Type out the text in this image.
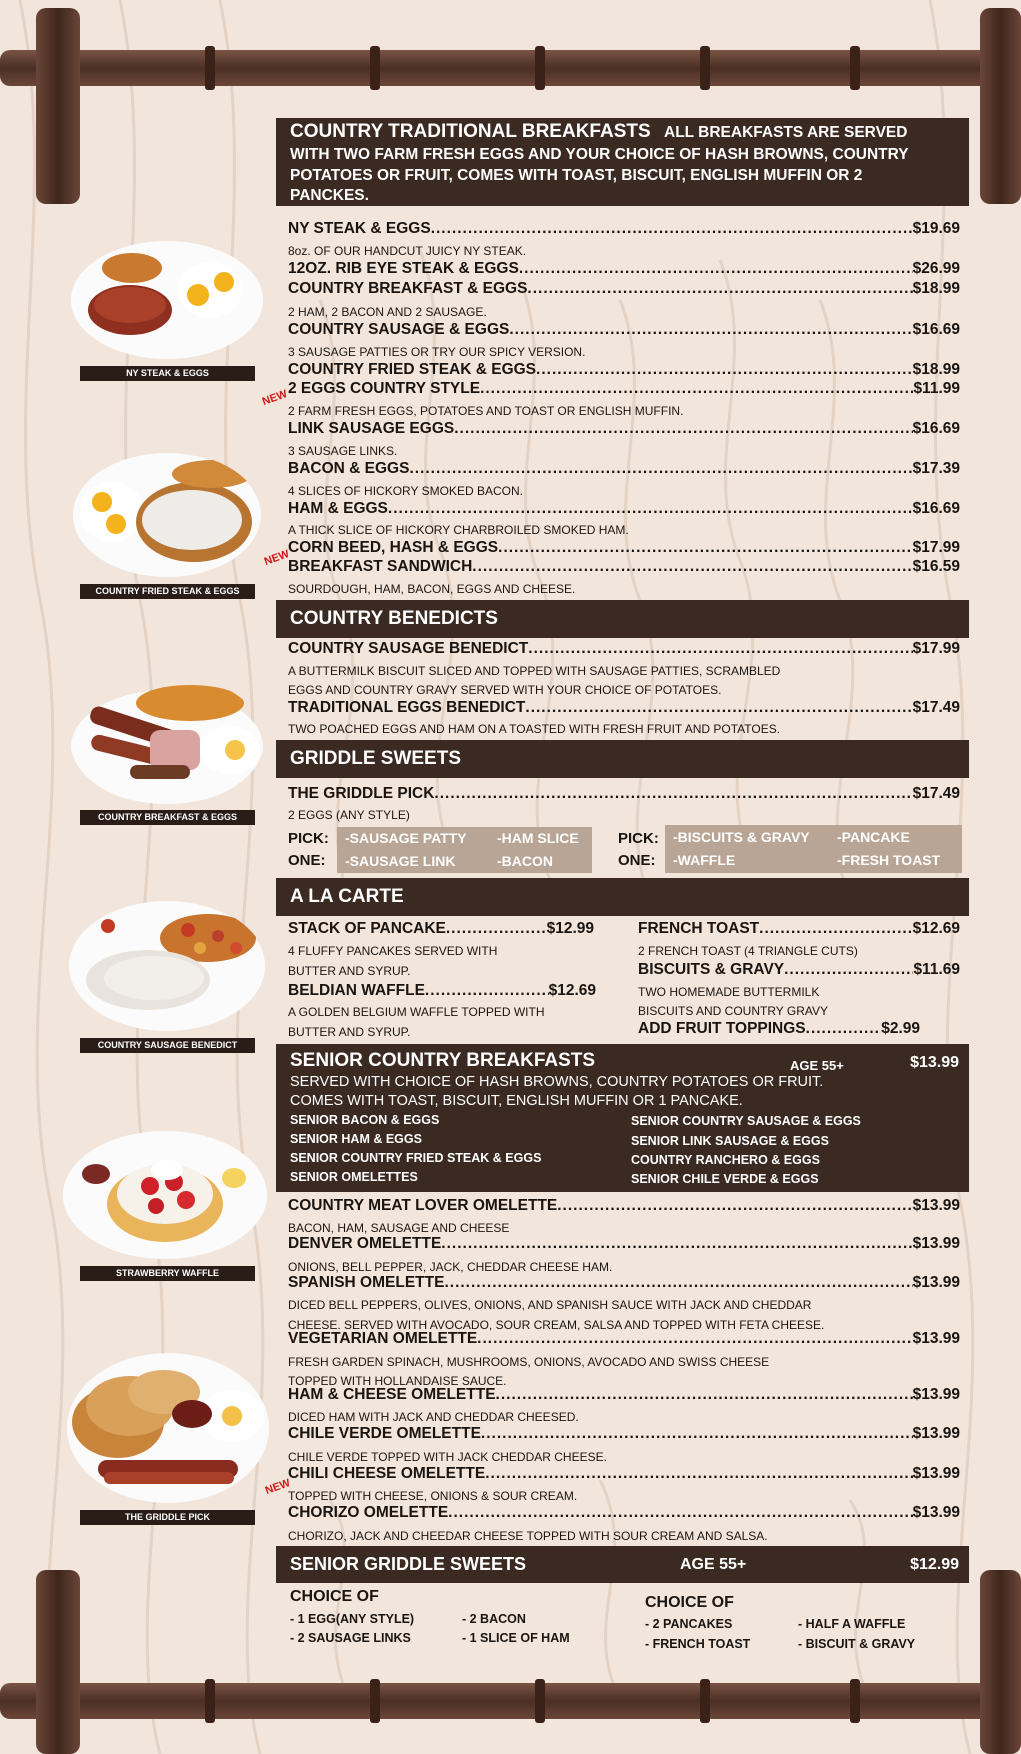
NY STEAK & EGGS
COUNTRY FRIED STEAK & EGGS
COUNTRY BREAKFAST & EGGS
COUNTRY SAUSAGE BENEDICT
STRAWBERRY WAFFLE
THE GRIDDLE PICK
COUNTRY TRADITIONAL BREAKFASTS ALL BREAKFASTS ARE SERVED
WITH TWO FARM FRESH EGGS AND YOUR CHOICE OF HASH BROWNS, COUNTRY
POTATOES OR FRUIT, COMES WITH TOAST, BISCUIT, ENGLISH MUFFIN OR 2
PANCKES.
NY STEAK & EGGS .....	$19.69
8oz. OF OUR HANDCUT JUICY NY STEAK.
12OZ. RIB EYE STEAK & EGGS .....	$26.99
COUNTRY BREAKFAST & EGGS .....	$18.99
2 HAM, 2 BACON AND 2 SAUSAGE.
COUNTRY SAUSAGE & EGGS .....	$16.69
3 SAUSAGE PATTIES OR TRY OUR SPICY VERSION.
COUNTRY FRIED STEAK & EGGS .....	$18.99
NEW 2 EGGS COUNTRY STYLE .....	$11.99
2 FARM FRESH EGGS, POTATOES AND TOAST OR ENGLISH MUFFIN.
LINK SAUSAGE EGGS .....	$16.69
3 SAUSAGE LINKS.
BACON & EGGS .....	$17.39
4 SLICES OF HICKORY SMOKED BACON.
HAM & EGGS .....	$16.69
A THICK SLICE OF HICKORY CHARBROILED SMOKED HAM.
NEW
CORN BEED, HASH & EGGS .....	$17.99
BREAKFAST SANDWICH .....	$16.59
SOURDOUGH, HAM, BACON, EGGS AND CHEESE.
COUNTRY BENEDICTS
COUNTRY SAUSAGE BENEDICT .....	$17.99
A BUTTERMILK BISCUIT SLICED AND TOPPED WITH SAUSAGE PATTIES, SCRAMBLED
EGGS AND COUNTRY GRAVY SERVED WITH YOUR CHOICE OF POTATOES.
TRADITIONAL EGGS BENEDICT .....	$17.49
TWO POACHED EGGS AND HAM ON A TOASTED WITH FRESH FRUIT AND POTATOES.
GRIDDLE SWEETS
THE GRIDDLE PICK .....	$17.49
2 EGGS (ANY STYLE)
PICK:
ONE:
-SAUSAGE PATTY -HAM SLICE
-SAUSAGE LINK	-BACON
PICK:
ONE:
-BISCUITS & GRAVY -PANCAKE
-WAFFLE	-FRESH TOAST
A LA CARTE
STACK OF PANCAKE .....	$12.99
4 FLUFFY PANCAKES SERVED WITH
BUTTER AND SYRUP.
BELDIAN WAFFLE .....	$12.69
A GOLDEN BELGIUM WAFFLE TOPPED WITH
BUTTER AND SYRUP.
FRENCH TOAST .....	$12.69
2 FRENCH TOAST (4 TRIANGLE CUTS)
BISCUITS & GRAVY .....	$11.69
TWO HOMEMADE BUTTERMILK
BISCUITS AND COUNTRY GRAVY
ADD FRUIT TOPPINGS .....	$2.99
SENIOR COUNTRY BREAKFASTS	AGE 55+	$13.99
SERVED WITH CHOICE OF HASH BROWNS, COUNTRY POTATOES OR FRUIT.
COMES WITH TOAST, BISCUIT, ENGLISH MUFFIN OR 1 PANCAKE.
SENIOR BACON & EGGS
SENIOR HAM & EGGS
SENIOR COUNTRY FRIED STEAK & EGGS
SENIOR OMELETTES
SENIOR COUNTRY SAUSAGE & EGGS
SENIOR LINK SAUSAGE & EGGS
COUNTRY RANCHERO & EGGS
SENIOR CHILE VERDE & EGGS
COUNTRY MEAT LOVER OMELETTE .....	$13.99
BACON, HAM, SAUSAGE AND CHEESE
DENVER OMELETTE .....	$13.99
ONIONS, BELL PEPPER, JACK, CHEDDAR CHEESE HAM.
SPANISH OMELETTE .....	$13.99
DICED BELL PEPPERS, OLIVES, ONIONS, AND SPANISH SAUCE WITH JACK AND CHEDDAR
CHEESE. SERVED WITH AVOCADO, SOUR CREAM, SALSA AND TOPPED WITH FETA CHEESE.
VEGETARIAN OMELETTE .....	$13.99
FRESH GARDEN SPINACH, MUSHROOMS, ONIONS, AVOCADO AND SWISS CHEESE
TOPPED WITH HOLLANDAISE SAUCE.
HAM & CHEESE OMELETTE .....	$13.99
DICED HAM WITH JACK AND CHEDDAR CHEESED.
CHILE VERDE OMELETTE .....	$13.99
CHILE VERDE TOPPED WITH JACK CHEDDAR CHEESE.
NEW
CHILI CHEESE OMELETTE .....	$13.99
TOPPED WITH CHEESE, ONIONS & SOUR CREAM.
CHORIZO OMELETTE .....	$13.99
CHORIZO, JACK AND CHEEDAR CHEESE TOPPED WITH SOUR CREAM AND SALSA.
SENIOR GRIDDLE SWEETS	AGE 55+	$12.99
CHOICE OF
- 1 EGG(ANY STYLE)
- 2 SAUSAGE LINKS
- 2 BACON
- 1 SLICE OF HAM
CHOICE OF
- 2 PANCAKES
- FRENCH TOAST
- HALF A WAFFLE
- BISCUIT & GRAVY
